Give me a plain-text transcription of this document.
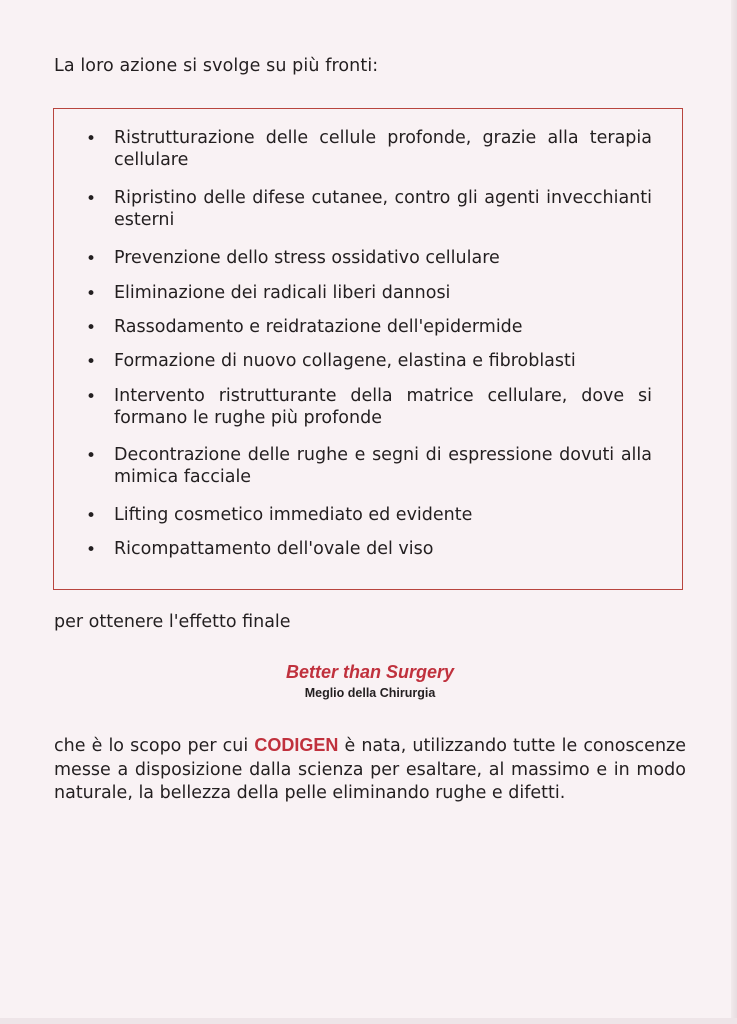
La loro azione si svolge su più fronti:
• Ristrutturazione delle cellule profonde, grazie alla terapia cellulare
• Ripristino delle difese cutanee, contro gli agenti invecchianti esterni
• Prevenzione dello stress ossidativo cellulare
• Eliminazione dei radicali liberi dannosi
• Rassodamento e reidratazione dell'epidermide
• Formazione di nuovo collagene, elastina e fibroblasti
• Intervento ristrutturante della matrice cellulare, dove si formano le rughe più profonde
• Decontrazione delle rughe e segni di espressione dovuti alla mimica facciale
• Lifting cosmetico immediato ed evidente
• Ricompattamento dell'ovale del viso
per ottenere l'effetto finale
Better than Surgery
Meglio della Chirurgia

che è lo scopo per cui CODIGEN è nata, utilizzando tutte le conoscenze messe a disposizione dalla scienza per esaltare, al massimo e in modo naturale, la bellezza della pelle eliminando rughe e difetti.
